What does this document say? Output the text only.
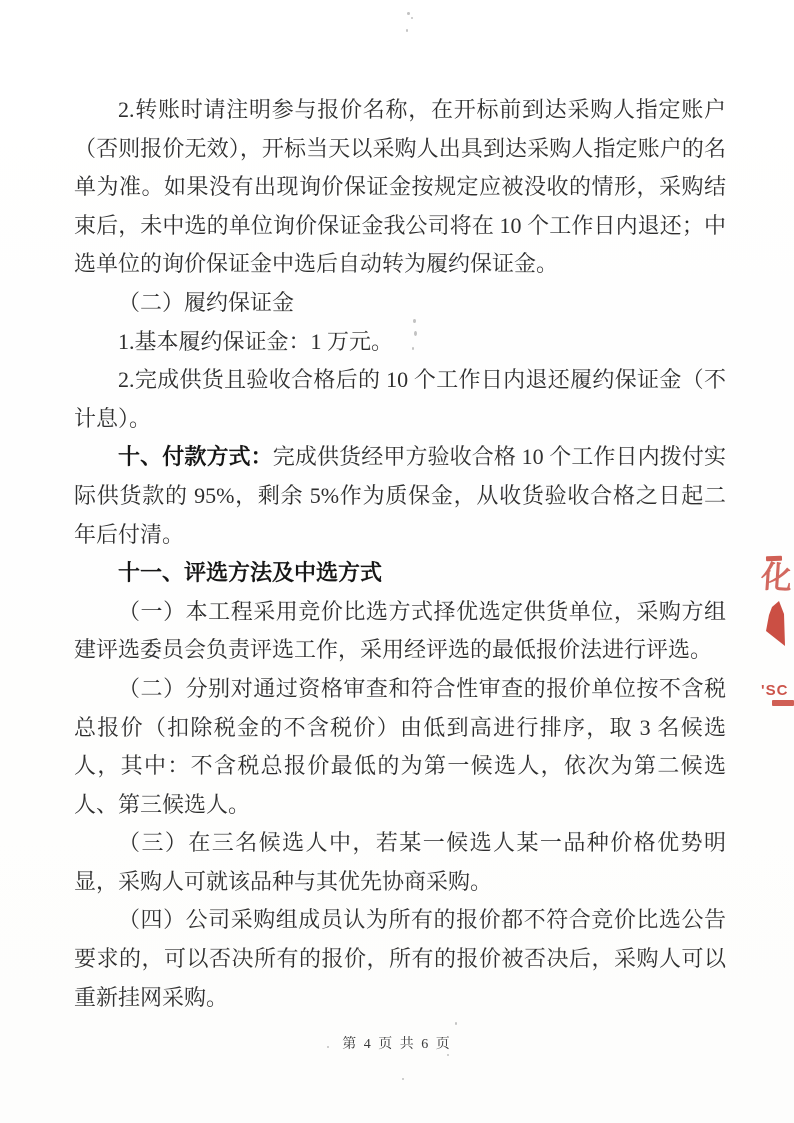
2.转账时请注明参与报价名称，在开标前到达采购人指定账户（否则报价无效），开标当天以采购人出具到达采购人指定账户的名单为准。如果没有出现询价保证金按规定应被没收的情形，采购结束后，未中选的单位询价保证金我公司将在 10 个工作日内退还；中选单位的询价保证金中选后自动转为履约保证金。

（二）履约保证金

1.基本履约保证金：1 万元。

2.完成供货且验收合格后的 10 个工作日内退还履约保证金（不计息）。

十、付款方式：完成供货经甲方验收合格 10 个工作日内拨付实际供货款的 95%，剩余 5%作为质保金，从收货验收合格之日起二年后付清。

十一、评选方法及中选方式

（一）本工程采用竞价比选方式择优选定供货单位，采购方组建评选委员会负责评选工作，采用经评选的最低报价法进行评选。

（二）分别对通过资格审查和符合性审查的报价单位按不含税总报价（扣除税金的不含税价）由低到高进行排序，取 3 名候选人，其中：不含税总报价最低的为第一候选人，依次为第二候选人、第三候选人。

（三）在三名候选人中，若某一候选人某一品种价格优势明显，采购人可就该品种与其优先协商采购。

（四）公司采购组成员认为所有的报价都不符合竞价比选公告要求的，可以否决所有的报价，所有的报价被否决后，采购人可以重新挂网采购。

第 4 页 共 6 页
化
'SC
